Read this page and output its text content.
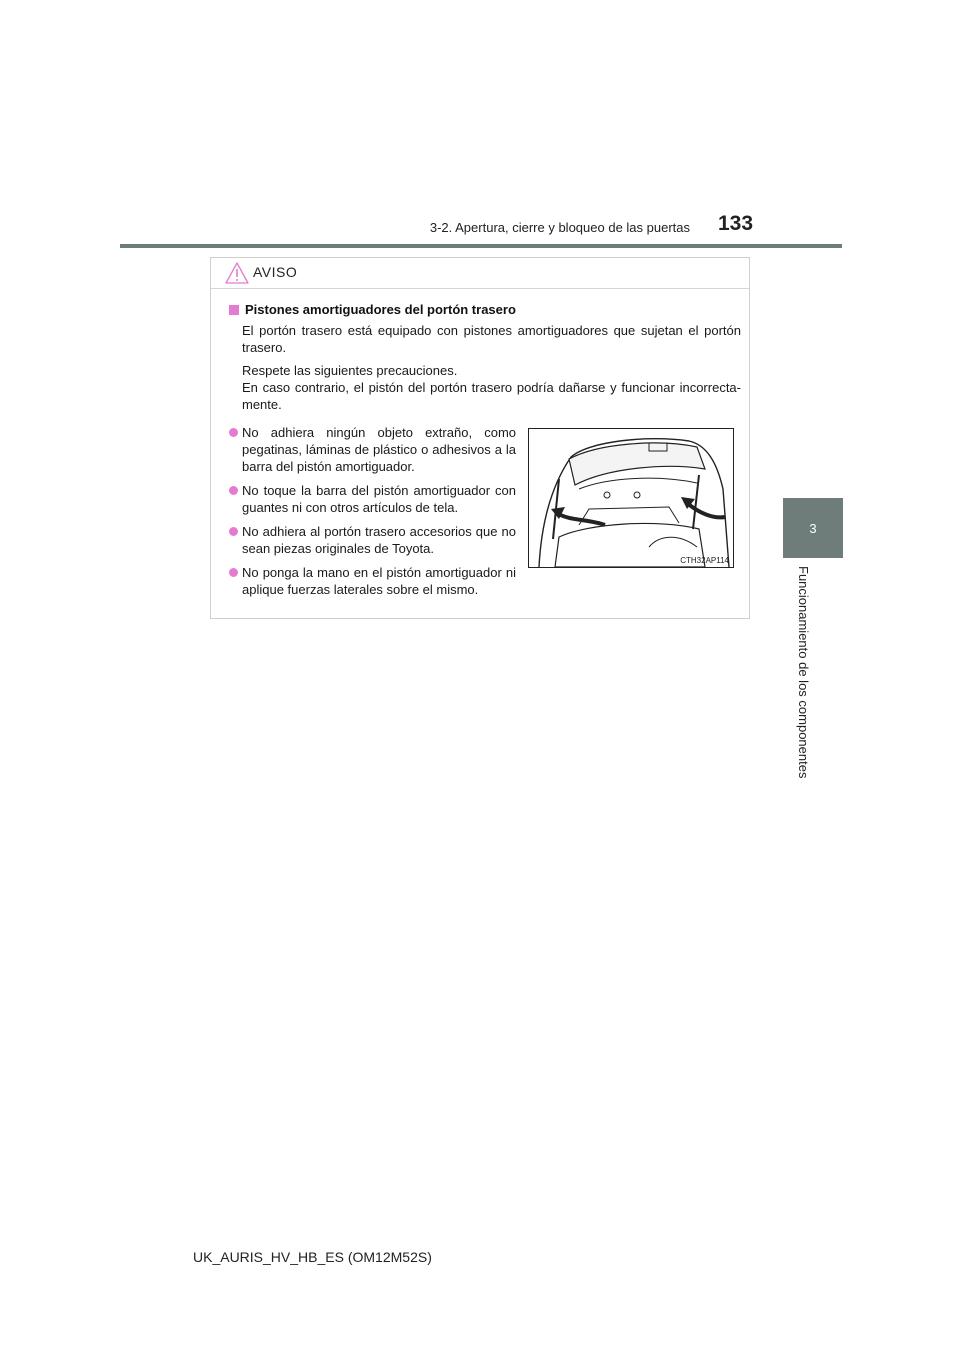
3-2. Apertura, cierre y bloqueo de las puertas 133
3
Funcionamiento de los componentes
AVISO
Pistones amortiguadores del portón trasero
El portón trasero está equipado con pistones amortiguadores que sujetan el portón trasero.
Respete las siguientes precauciones.
En caso contrario, el pistón del portón trasero podría dañarse y funcionar incorrecta-mente.
No adhiera ningún objeto extraño, como pegatinas, láminas de plástico o adhesivos a la barra del pistón amortiguador.
No toque la barra del pistón amortiguador con guantes ni con otros artículos de tela.
No adhiera al portón trasero accesorios que no sean piezas originales de Toyota.
No ponga la mano en el pistón amortiguador ni aplique fuerzas laterales sobre el mismo.
CTH32AP114
UK_AURIS_HV_HB_ES (OM12M52S)
